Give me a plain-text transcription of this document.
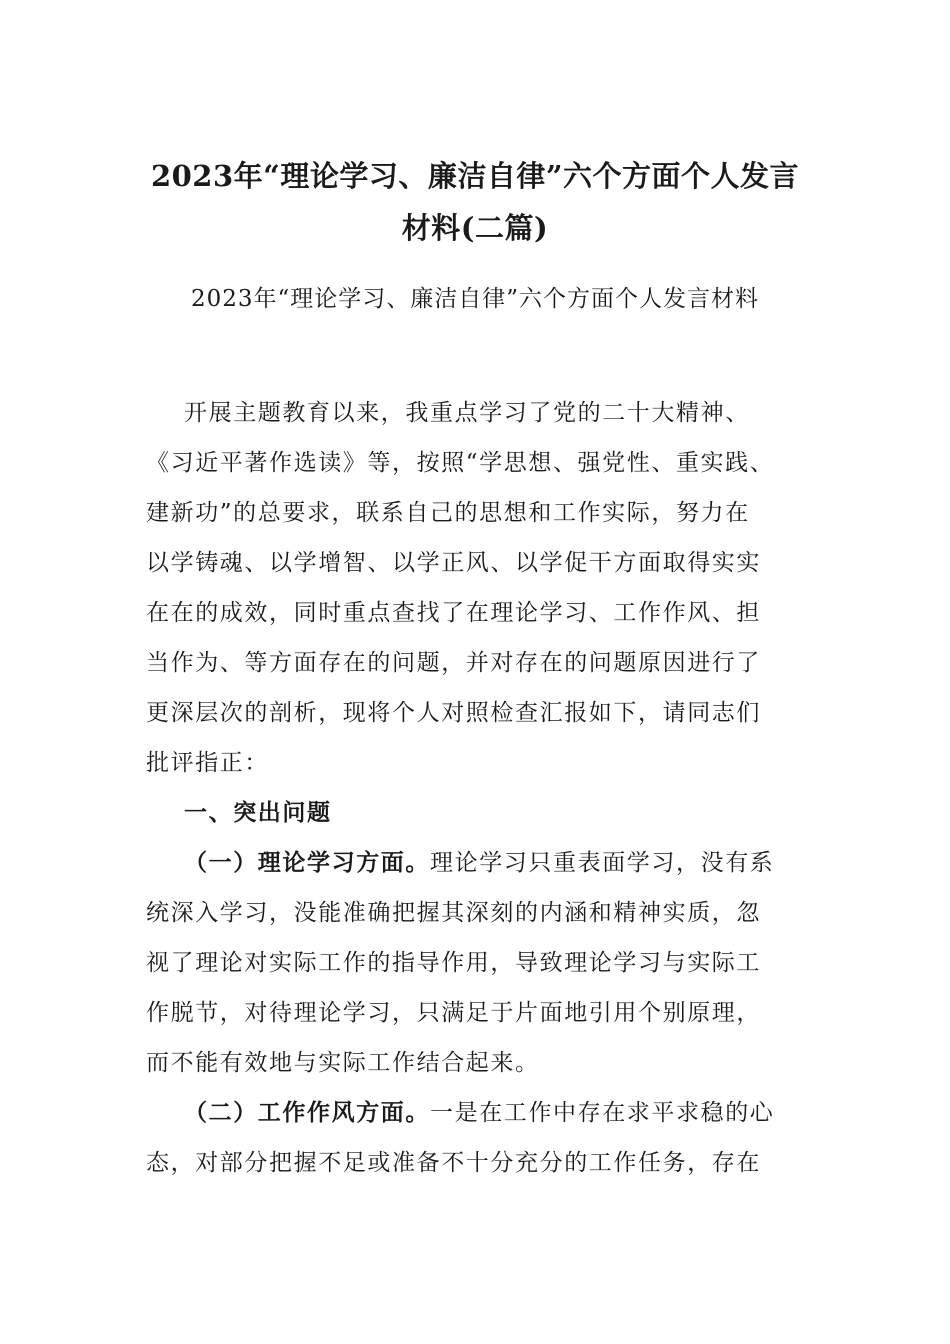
2023年“理论学习、廉洁自律”六个方面个人发言
材料(二篇)
2023年“理论学习、廉洁自律”六个方面个人发言材料
开展主题教育以来，我重点学习了党的二十大精神、
《习近平著作选读》等，按照“学思想、强党性、重实践、
建新功”的总要求，联系自己的思想和工作实际，努力在
以学铸魂、以学增智、以学正风、以学促干方面取得实实
在在的成效，同时重点查找了在理论学习、工作作风、担
当作为、等方面存在的问题，并对存在的问题原因进行了
更深层次的剖析，现将个人对照检查汇报如下，请同志们
批评指正：
一、突出问题
（一）理论学习方面。理论学习只重表面学习，没有系
统深入学习，没能准确把握其深刻的内涵和精神实质，忽
视了理论对实际工作的指导作用，导致理论学习与实际工
作脱节，对待理论学习，只满足于片面地引用个别原理，
而不能有效地与实际工作结合起来。
（二）工作作风方面。一是在工作中存在求平求稳的心
态，对部分把握不足或准备不十分充分的工作任务，存在
